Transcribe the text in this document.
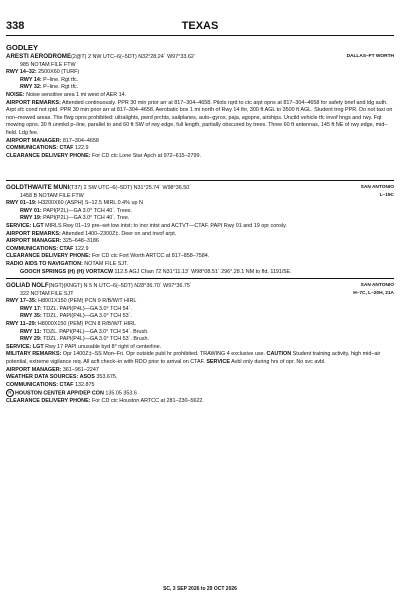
338	TEXAS
GODLEY
ARESTI AERODROME(2@T) 2 NW UTC–6(–5DT) N32°28.24´ W97°33.62´	DALLAS–FT WORTH
985 NOTAM FILE FTW
RWY 14–32: 2500X60 (TURF)
RWY 14: P–line. Rgt tfc.
RWY 32: P–line. Rgt tfc.
NOISE: Noise sensitive area 1 mi west of AER 14.
AIRPORT REMARKS: Attended continuously. PPR 30 min prior arr at 817–304–4658. Pilots rqrd to ctc arpt opns at 817–304–4658 for safety brief and ldg auth. Arpt sfc cond not rptd. PPR 30 min prior arr at 817–304–4658. Aerobatic box 1 mi north of Rwy 14 thr, 300 ft AGL to 3500 ft AGL. Student trng PPR. Do not taxi on non–mowed areas. The flwg opns prohibited: ultralights, pwrd prchts, sailplanes, auto–gyros, paja, agopns, airships. Unctld vehicle tfc invof hngs and rwy. Fqt mowing opns. 30 ft unmkd p–line, parallel to and 60 ft SW of rwy edge, full length, partially obscured by trees. Three 60 ft antennas, 145 ft NE of rwy edge, mid–field. Ldg fee.
AIRPORT MANAGER: 817–304–4658
COMMUNICATIONS: CTAF 122.9
CLEARANCE DELIVERY PHONE: For CD ctc Lone Star Apch at 972–615–2799.
GOLDTHWAITE MUNI(T37) 2 SW UTC–6(–5DT) N31°25.74´ W98°36.50´	SAN ANTONIO
L–19C
1458 B NOTAM FILE FTW
RWY 01–19: H3200X60 (ASPH) S–12.5 MIRL 0.4% up N
RWY 01: PAPI(P2L)—GA 3.0° TCH 40´. Trees.
RWY 19: PAPI(P2L)—GA 3.0° TCH 40´. Tree.
SERVICE: LGT MIRLS Rwy 01–19 pre–set low intst; to incr intst and ACTVT—CTAF. PAPI Rwy 01 and 19 opr consly.
AIRPORT REMARKS: Attended 1400–2300Z‡. Deer on and invof arpt.
AIRPORT MANAGER: 325–648–3186
COMMUNICATIONS: CTAF 122.9
CLEARANCE DELIVERY PHONE: For CD ctc Fort Worth ARTCC at 817–858–7584.
RADIO AIDS TO NAVIGATION: NOTAM FILE SJT.
GOOCH SPRINGS (H) (H) VORTACW 112.5 AGJ Chan 72 N31°11.13´ W98°08.51´ 296°.28.1 NM to fld. 1191/5E.
GOLIAD NOLF(NGT)(KNGT) N 5 N UTC–6(–5DT) N28°36.70´ W97°36.75´	SAN ANTONIO
H–7C, L–20H, 21A
322 NOTAM FILE SJT
RWY 17–35: H8001X150 (PEM) PCN 9 R/B/W/T HIRL
RWY 17: TDZL. PAPI(P4L)—GA 3.0° TCH 54´.
RWY 35: TDZL. PAPI(P4L)—GA 3.0° TCH 53´.
RWY 11–29: H8000X150 (PEM) PCN 8 R/B/W/T HIRL
RWY 11: TDZL. PAPI(P4L)—GA 3.0° TCH 54´. Brush.
RWY 29: TDZL. PAPI(P4L)—GA 3.0° TCH 53´. Brush.
SERVICE: LGT Rwy 17 PAPI unusable byd 8° right of centerline.
MILITARY REMARKS: Opr 1400Z‡–SS Mon–Fri. Opr outside publ hr prohibited. TRAWING 4 exclusive use. CAUTION Student training activity, high mid–air potential, extreme vigilance req. All acft check–in with RDO prior to arrival on CTAF. SERVICE Avbl only during hrs of opr. No svc avbl.
AIRPORT MANAGER: 361–961–2247
WEATHER DATA SOURCES: ASOS 353.675.
COMMUNICATIONS: CTAF 132.875
R HOUSTON CENTER APP/DEP CON 135.05 353.6
CLEARANCE DELIVERY PHONE: For CD ctc Houston ARTCC at 281–230–5622.
SC, 3 SEP 2026 to 29 OCT 2026
